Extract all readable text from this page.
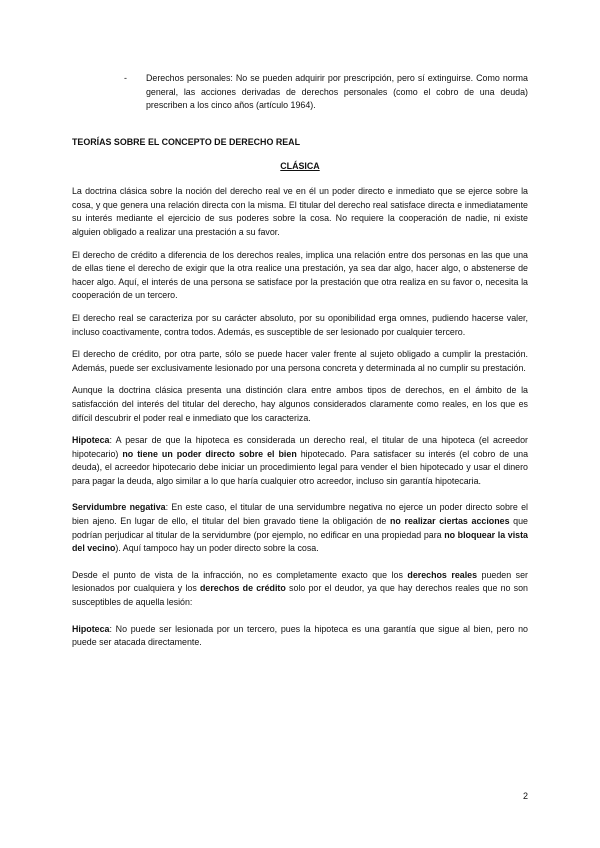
-	Derechos personales: No se pueden adquirir por prescripción, pero sí extinguirse. Como norma general, las acciones derivadas de derechos personales (como el cobro de una deuda) prescriben a los cinco años (artículo 1964).
TEORÍAS SOBRE EL CONCEPTO DE DERECHO REAL
CLÁSICA

La doctrina clásica sobre la noción del derecho real ve en él un poder directo e inmediato que se ejerce sobre la cosa, y que genera una relación directa con la misma. El titular del derecho real satisface directa e inmediatamente su interés mediante el ejercicio de sus poderes sobre la cosa. No requiere la cooperación de nadie, ni existe alguien obligado a realizar una prestación a su favor.

El derecho de crédito a diferencia de los derechos reales, implica una relación entre dos personas en las que una de ellas tiene el derecho de exigir que la otra realice una prestación, ya sea dar algo, hacer algo, o abstenerse de hacer algo. Aquí, el interés de una persona se satisface por la prestación que otra realiza en su favor o, necesita la cooperación de un tercero.

El derecho real se caracteriza por su carácter absoluto, por su oponibilidad erga omnes, pudiendo hacerse valer, incluso coactivamente, contra todos. Además, es susceptible de ser lesionado por cualquier tercero.

El derecho de crédito, por otra parte, sólo se puede hacer valer frente al sujeto obligado a cumplir la prestación. Además, puede ser exclusivamente lesionado por una persona concreta y determinada al no cumplir su prestación.

Aunque la doctrina clásica presenta una distinción clara entre ambos tipos de derechos, en el ámbito de la satisfacción del interés del titular del derecho, hay algunos considerados claramente como reales, en los que es difícil descubrir el poder real e inmediato que los caracteriza.

Hipoteca: A pesar de que la hipoteca es considerada un derecho real, el titular de una hipoteca (el acreedor hipotecario) no tiene un poder directo sobre el bien hipotecado. Para satisfacer su interés (el cobro de una deuda), el acreedor hipotecario debe iniciar un procedimiento legal para vender el bien hipotecado y usar el dinero para pagar la deuda, algo similar a lo que haría cualquier otro acreedor, incluso sin garantía hipotecaria.

Servidumbre negativa: En este caso, el titular de una servidumbre negativa no ejerce un poder directo sobre el bien ajeno. En lugar de ello, el titular del bien gravado tiene la obligación de no realizar ciertas acciones que podrían perjudicar al titular de la servidumbre (por ejemplo, no edificar en una propiedad para no bloquear la vista del vecino). Aquí tampoco hay un poder directo sobre la cosa.

Desde el punto de vista de la infracción, no es completamente exacto que los derechos reales pueden ser lesionados por cualquiera y los derechos de crédito solo por el deudor, ya que hay derechos reales que no son susceptibles de aquella lesión:

Hipoteca: No puede ser lesionada por un tercero, pues la hipoteca es una garantía que sigue al bien, pero no puede ser atacada directamente.

2
